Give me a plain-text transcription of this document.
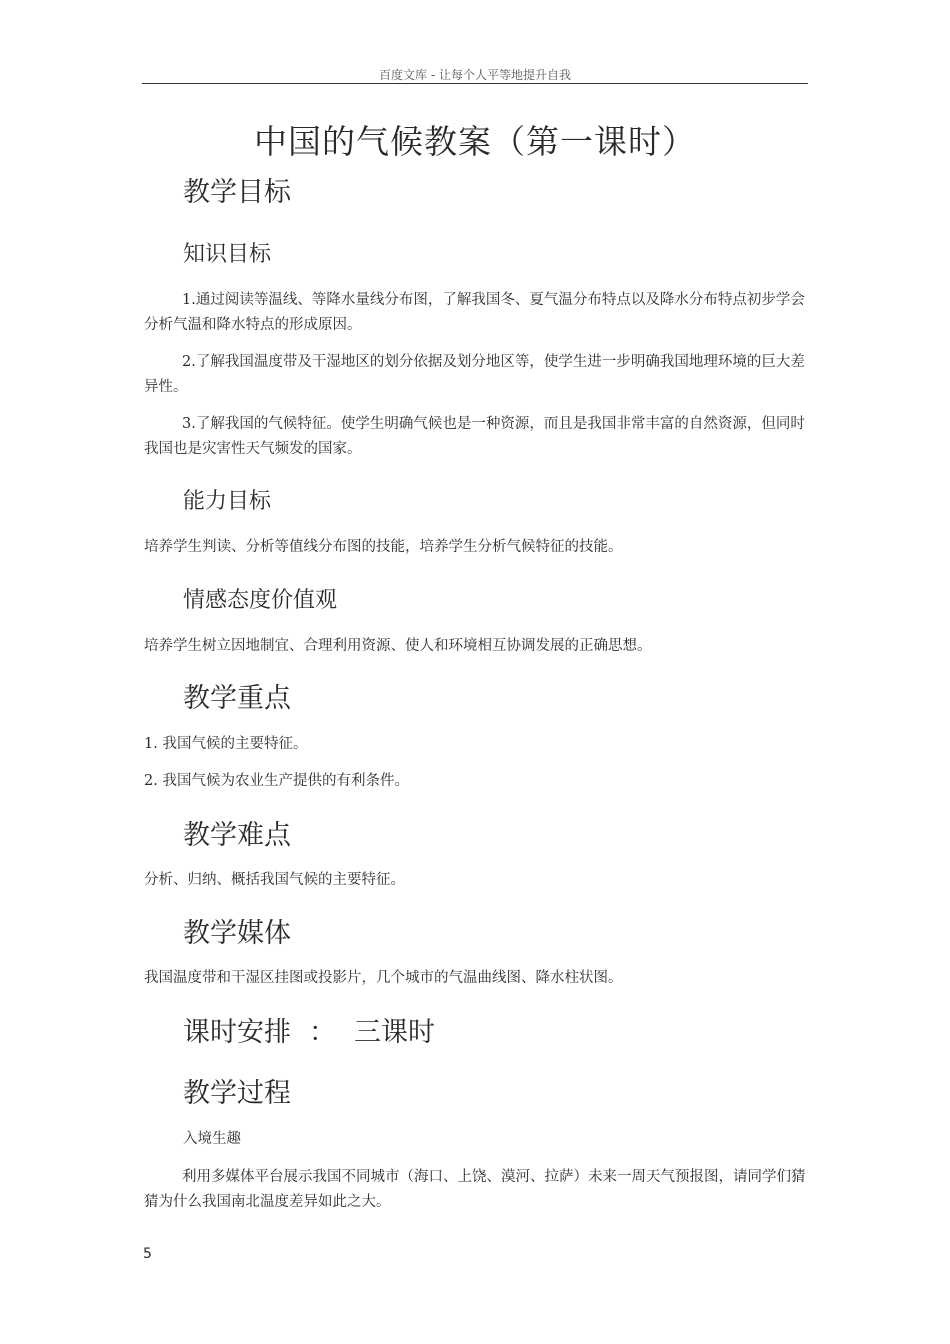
百度文库 - 让每个人平等地提升自我
中国的气候教案（第一课时）
教学目标
知识目标
1.通过阅读等温线、等降水量线分布图，了解我国冬、夏气温分布特点以及降水分布特点初步学会分析气温和降水特点的形成原因。
2.了解我国温度带及干湿地区的划分依据及划分地区等，使学生进一步明确我国地理环境的巨大差异性。
3.了解我国的气候特征。使学生明确气候也是一种资源，而且是我国非常丰富的自然资源，但同时我国也是灾害性天气频发的国家。
能力目标
培养学生判读、分析等值线分布图的技能，培养学生分析气候特征的技能。
情感态度价值观
培养学生树立因地制宜、合理利用资源、使人和环境相互协调发展的正确思想。
教学重点
1. 我国气候的主要特征。
2. 我国气候为农业生产提供的有利条件。
教学难点
分析、归纳、概括我国气候的主要特征。
教学媒体
我国温度带和干湿区挂图或投影片，几个城市的气温曲线图、降水柱状图。
课时安排 ： 三课时
教学过程
入境生趣
利用多媒体平台展示我国不同城市（海口、上饶、漠河、拉萨）未来一周天气预报图，请同学们猜猜为什么我国南北温度差异如此之大。
5
